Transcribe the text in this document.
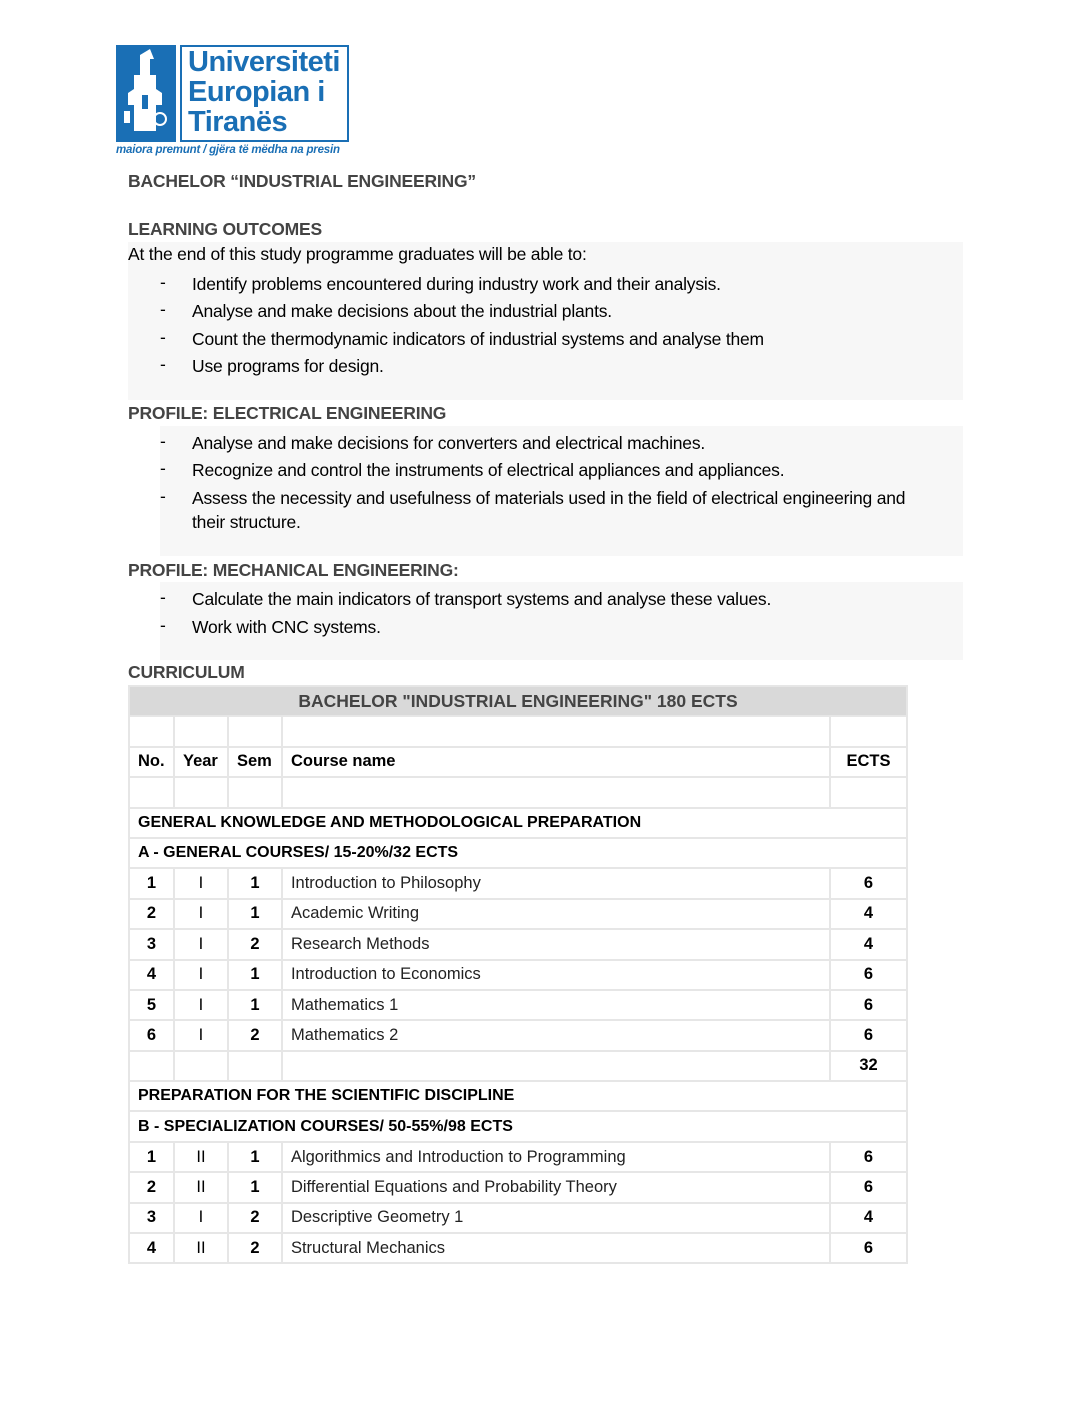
Universiteti
Europian i
Tiranës
maiora premunt / gjëra të mëdha na presin
BACHELOR “INDUSTRIAL ENGINEERING”
LEARNING OUTCOMES
At the end of this study programme graduates will be able to:
- Identify problems encountered during industry work and their analysis.
- Analyse and make decisions about the industrial plants.
- Count the thermodynamic indicators of industrial systems and analyse them
- Use programs for design.
PROFILE: ELECTRICAL ENGINEERING
- Analyse and make decisions for converters and electrical machines.
- Recognize and control the instruments of electrical appliances and appliances.
- Assess the necessity and usefulness of materials used in the field of electrical engineering and their structure.
PROFILE: MECHANICAL ENGINEERING:
- Calculate the main indicators of transport systems and analyse these values.
- Work with CNC systems.
CURRICULUM
BACHELOR "INDUSTRIAL ENGINEERING" 180 ECTS				

No.	Year	Sem	Course name	ECTS

GENERAL KNOWLEDGE AND METHODOLOGICAL PREPARATION				
A - GENERAL COURSES/ 15-20%/32 ECTS				
1	I	1	Introduction to Philosophy	6
2	I	1	Academic Writing	4
3	I	2	Research Methods	4
4	I	1	Introduction to Economics	6
5	I	1	Mathematics 1	6
6	I	2	Mathematics 2	6
				32
PREPARATION FOR THE SCIENTIFIC DISCIPLINE				
B - SPECIALIZATION COURSES/ 50-55%/98 ECTS				
1	II	1	Algorithmics and Introduction to Programming	6
2	II	1	Differential Equations and Probability Theory	6
3	I	2	Descriptive Geometry 1	4
4	II	2	Structural Mechanics	6
